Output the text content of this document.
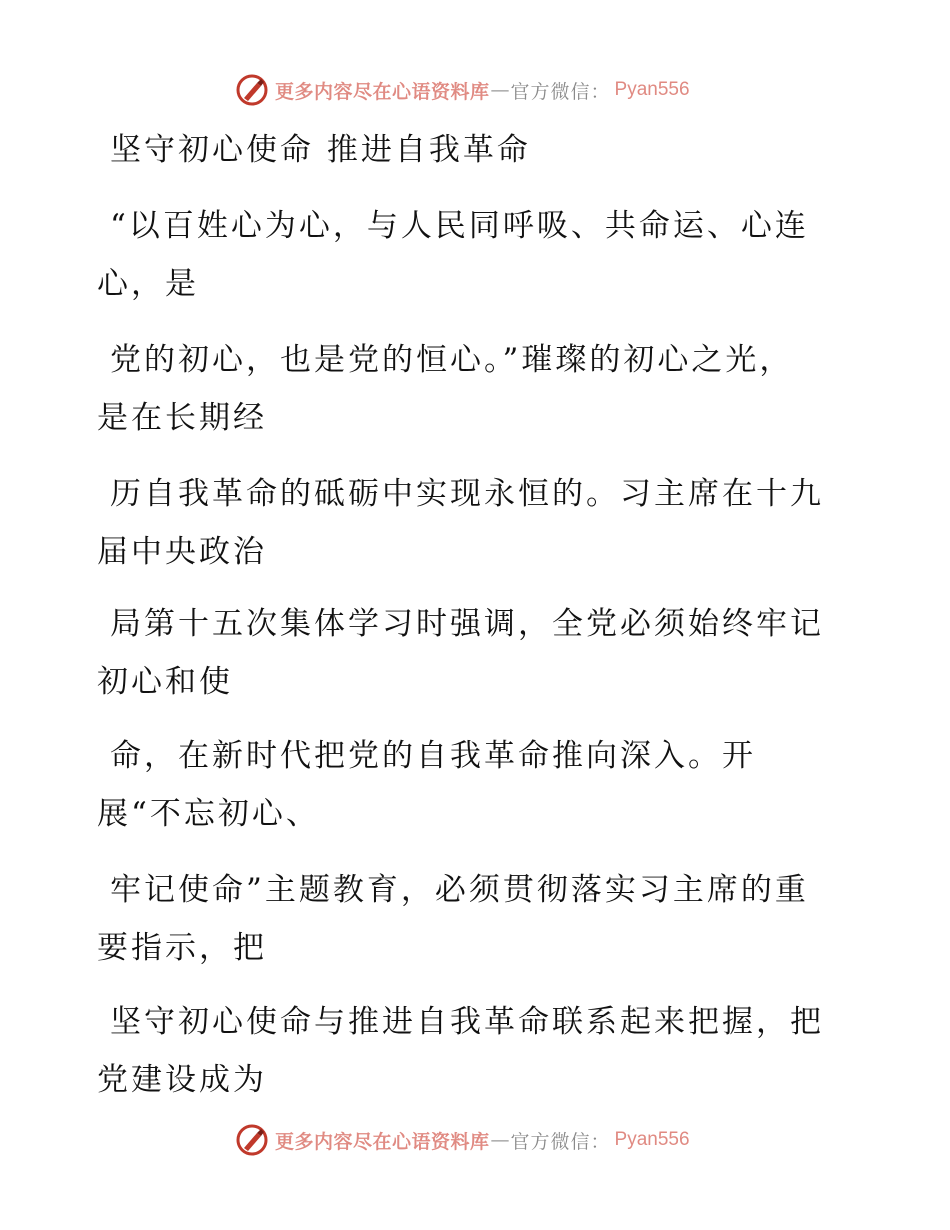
更多内容尽在心语资料库 — 官方微信： Pyan556
坚守初心使命 推进自我革命

“以百姓心为心，与人民同呼吸、共命运、心连

心，是

党的初心，也是党的恒心。”璀璨的初心之光，

是在长期经

历自我革命的砥砺中实现永恒的。习主席在十九

届中央政治

局第十五次集体学习时强调，全党必须始终牢记

初心和使

命，在新时代把党的自我革命推向深入。开

展“不忘初心、

牢记使命”主题教育，必须贯彻落实习主席的重

要指示，把

坚守初心使命与推进自我革命联系起来把握，把

党建设成为

更多内容尽在心语资料库 — 官方微信： Pyan556
